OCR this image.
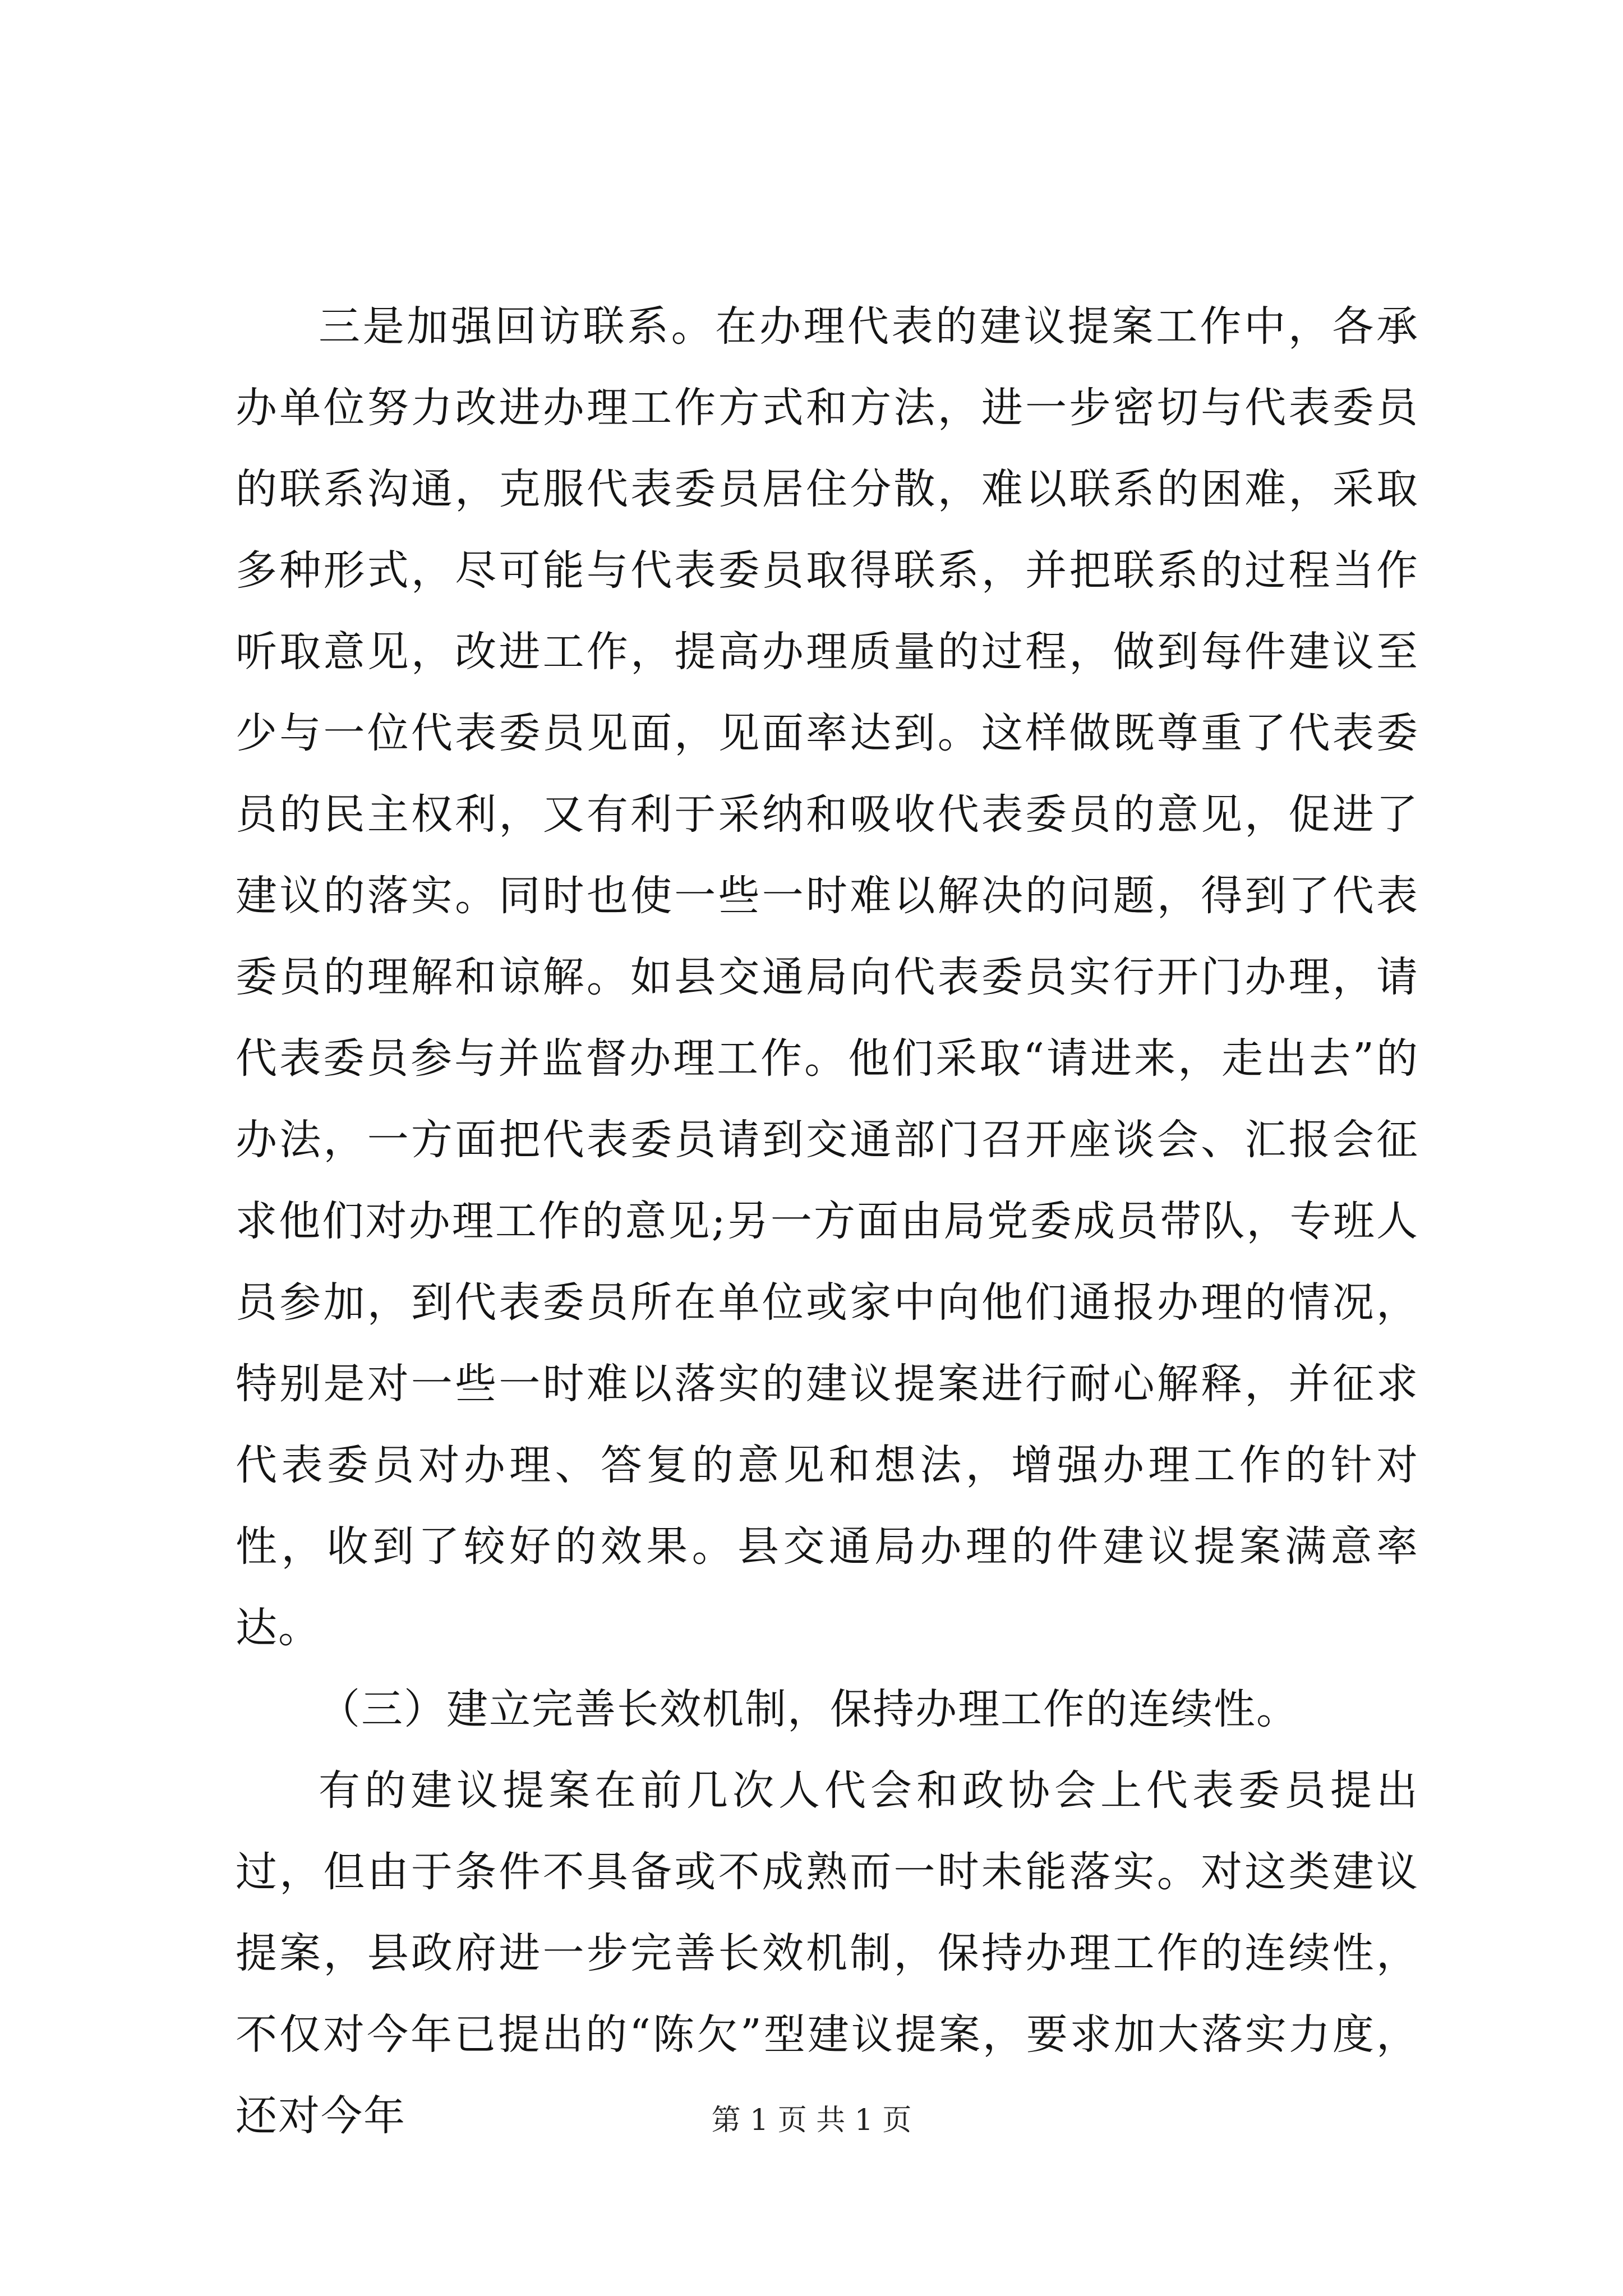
三是加强回访联系。在办理代表的建议提案工作中，各承办单位努力改进办理工作方式和方法，进一步密切与代表委员的联系沟通，克服代表委员居住分散，难以联系的困难，采取多种形式，尽可能与代表委员取得联系，并把联系的过程当作听取意见，改进工作，提高办理质量的过程，做到每件建议至少与一位代表委员见面，见面率达到。这样做既尊重了代表委员的民主权利，又有利于采纳和吸收代表委员的意见，促进了建议的落实。同时也使一些一时难以解决的问题，得到了代表委员的理解和谅解。如县交通局向代表委员实行开门办理，请代表委员参与并监督办理工作。他们采取“请进来，走出去”的办法，一方面把代表委员请到交通部门召开座谈会、汇报会征求他们对办理工作的意见;另一方面由局党委成员带队，专班人员参加，到代表委员所在单位或家中向他们通报办理的情况，特别是对一些一时难以落实的建议提案进行耐心解释，并征求代表委员对办理、答复的意见和想法，增强办理工作的针对性，收到了较好的效果。县交通局办理的件建议提案满意率达。

（三）建立完善长效机制，保持办理工作的连续性。

有的建议提案在前几次人代会和政协会上代表委员提出过，但由于条件不具备或不成熟而一时未能落实。对这类建议提案，县政府进一步完善长效机制，保持办理工作的连续性，不仅对今年已提出的“陈欠”型建议提案，要求加大落实力度，还对今年	第 1 页 共 1 页
